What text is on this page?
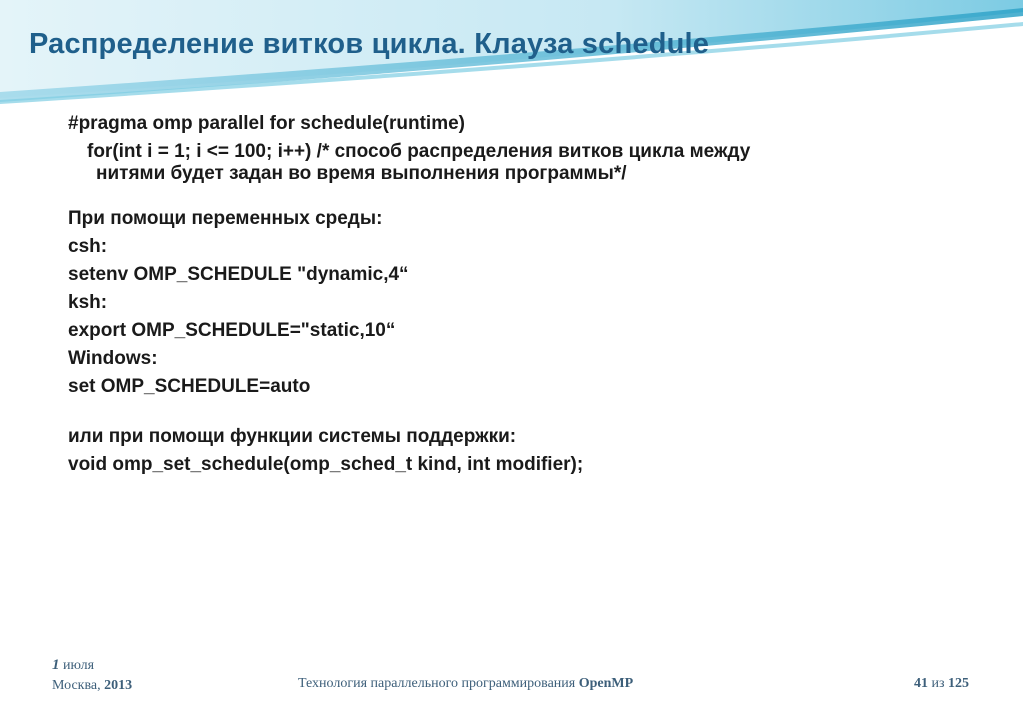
Распределение витков цикла. Клауза schedule
#pragma omp parallel for schedule(runtime)
for(int i = 1; i <= 100; i++) /* способ распределения витков цикла между
нитями будет задан во время выполнения программы*/
При помощи переменных среды:
csh:
setenv OMP_SCHEDULE "dynamic,4“
ksh:
export OMP_SCHEDULE="static,10“
Windows:
set OMP_SCHEDULE=auto
или при помощи функции системы поддержки:
void omp_set_schedule(omp_sched_t kind, int modifier);
1 июля
Москва, 2013	Технология параллельного программирования OpenMP	41 из 125
